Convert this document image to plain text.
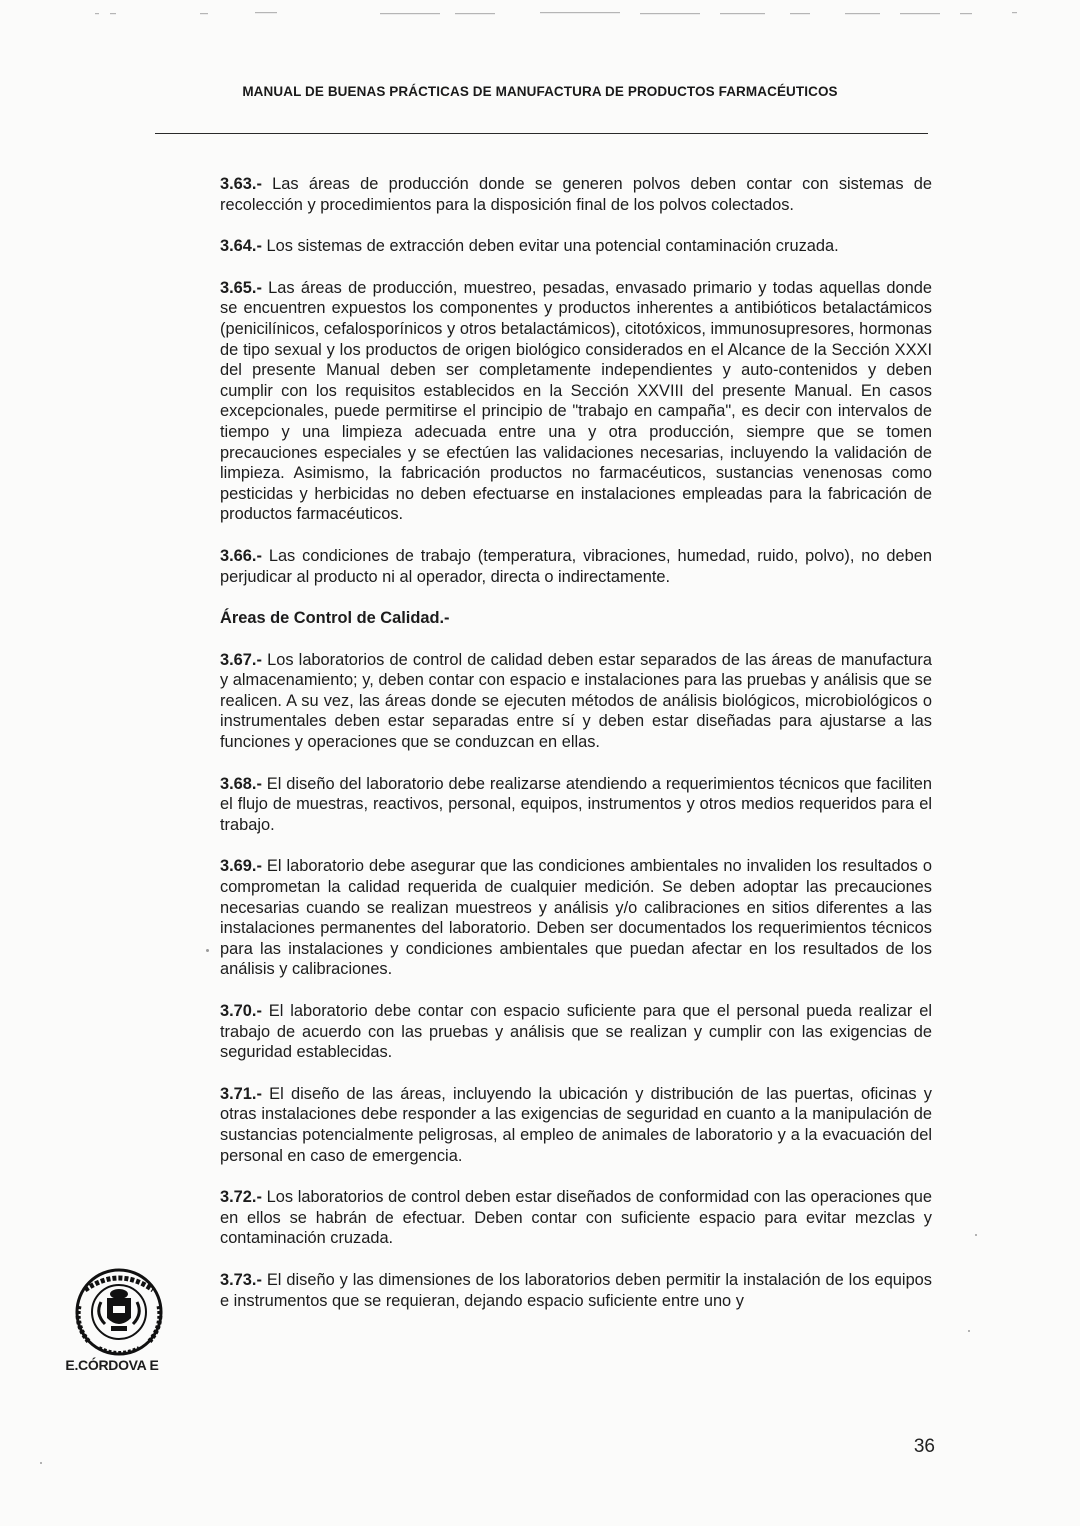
MANUAL DE BUENAS PRÁCTICAS DE MANUFACTURA DE PRODUCTOS FARMACÉUTICOS

3.63.- Las áreas de producción donde se generen polvos deben contar con sistemas de recolección y procedimientos para la disposición final de los polvos colectados.

3.64.- Los sistemas de extracción deben evitar una potencial contaminación cruzada.

3.65.- Las áreas de producción, muestreo, pesadas, envasado primario y todas aquellas donde se encuentren expuestos los componentes y productos inherentes a antibióticos betalactámicos (penicilínicos, cefalosporínicos y otros betalactámicos), citotóxicos, immunosupresores, hormonas de tipo sexual y los productos de origen biológico considerados en el Alcance de la Sección XXXI del presente Manual deben ser completamente independientes y auto-contenidos y deben cumplir con los requisitos establecidos en la Sección XXVIII del presente Manual. En casos excepcionales, puede permitirse el principio de "trabajo en campaña", es decir con intervalos de tiempo y una limpieza adecuada entre una y otra producción, siempre que se tomen precauciones especiales y se efectúen las validaciones necesarias, incluyendo la validación de limpieza. Asimismo, la fabricación productos no farmacéuticos, sustancias venenosas como pesticidas y herbicidas no deben efectuarse en instalaciones empleadas para la fabricación de productos farmacéuticos.

3.66.- Las condiciones de trabajo (temperatura, vibraciones, humedad, ruido, polvo), no deben perjudicar al producto ni al operador, directa o indirectamente.

Áreas de Control de Calidad.-

3.67.- Los laboratorios de control de calidad deben estar separados de las áreas de manufactura y almacenamiento; y, deben contar con espacio e instalaciones para las pruebas y análisis que se realicen. A su vez, las áreas donde se ejecuten métodos de análisis biológicos, microbiológicos o instrumentales deben estar separadas entre sí y deben estar diseñadas para ajustarse a las funciones y operaciones que se conduzcan en ellas.

3.68.- El diseño del laboratorio debe realizarse atendiendo a requerimientos técnicos que faciliten el flujo de muestras, reactivos, personal, equipos, instrumentos y otros medios requeridos para el trabajo.

3.69.- El laboratorio debe asegurar que las condiciones ambientales no invaliden los resultados o comprometan la calidad requerida de cualquier medición. Se deben adoptar las precauciones necesarias cuando se realizan muestreos y análisis y/o calibraciones en sitios diferentes a las instalaciones permanentes del laboratorio. Deben ser documentados los requerimientos técnicos para las instalaciones y condiciones ambientales que puedan afectar en los resultados de los análisis y calibraciones.

3.70.- El laboratorio debe contar con espacio suficiente para que el personal pueda realizar el trabajo de acuerdo con las pruebas y análisis que se realizan y cumplir con las exigencias de seguridad establecidas.

3.71.- El diseño de las áreas, incluyendo la ubicación y distribución de las puertas, oficinas y otras instalaciones debe responder a las exigencias de seguridad en cuanto a la manipulación de sustancias potencialmente peligrosas, al empleo de animales de laboratorio y a la evacuación del personal en caso de emergencia.

3.72.- Los laboratorios de control deben estar diseñados de conformidad con las operaciones que en ellos se habrán de efectuar. Deben contar con suficiente espacio para evitar mezclas y contaminación cruzada.

3.73.- El diseño y las dimensiones de los laboratorios deben permitir la instalación de los equipos e instrumentos que se requieran, dejando espacio suficiente entre uno y

E.CÓRDOVA E
36
